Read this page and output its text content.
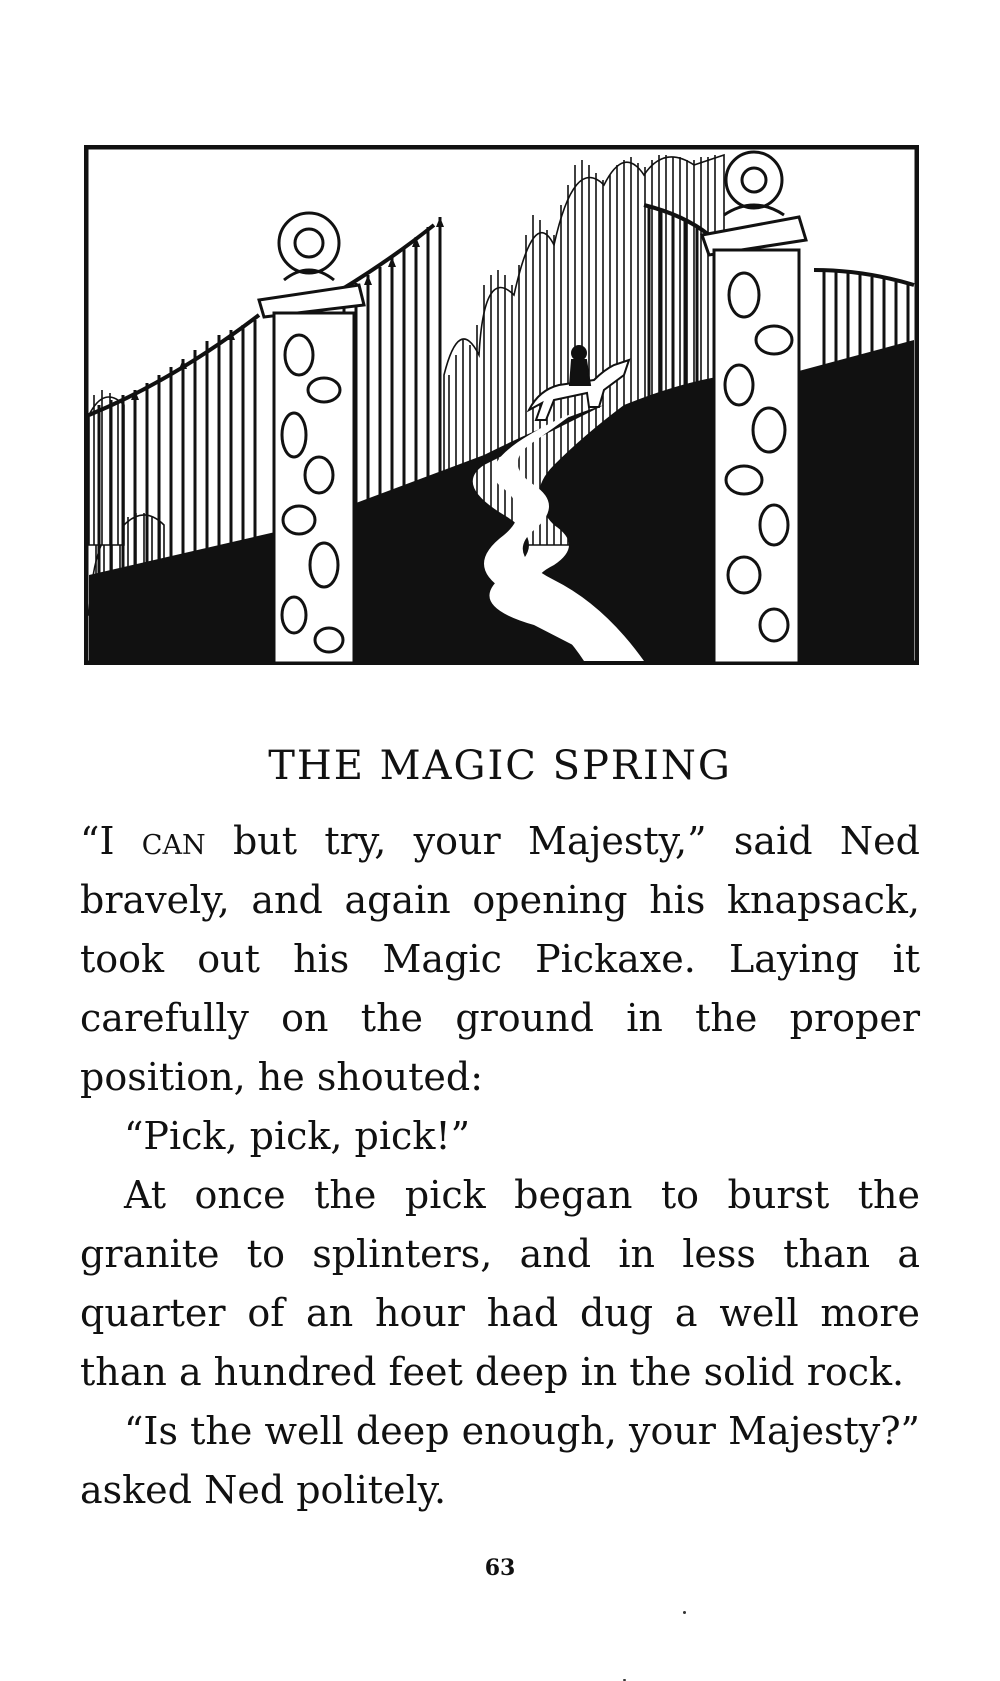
THE MAGIC SPRING

“I can but try, your Majesty,” said Ned bravely, and again opening his knapsack, took out his Magic Pickaxe. Laying it carefully on the ground in the proper position, he shouted:

“Pick, pick, pick!”

At once the pick began to burst the granite to splinters, and in less than a quarter of an hour had dug a well more than a hundred feet deep in the solid rock.

“Is the well deep enough, your Majesty?” asked Ned politely.

63
